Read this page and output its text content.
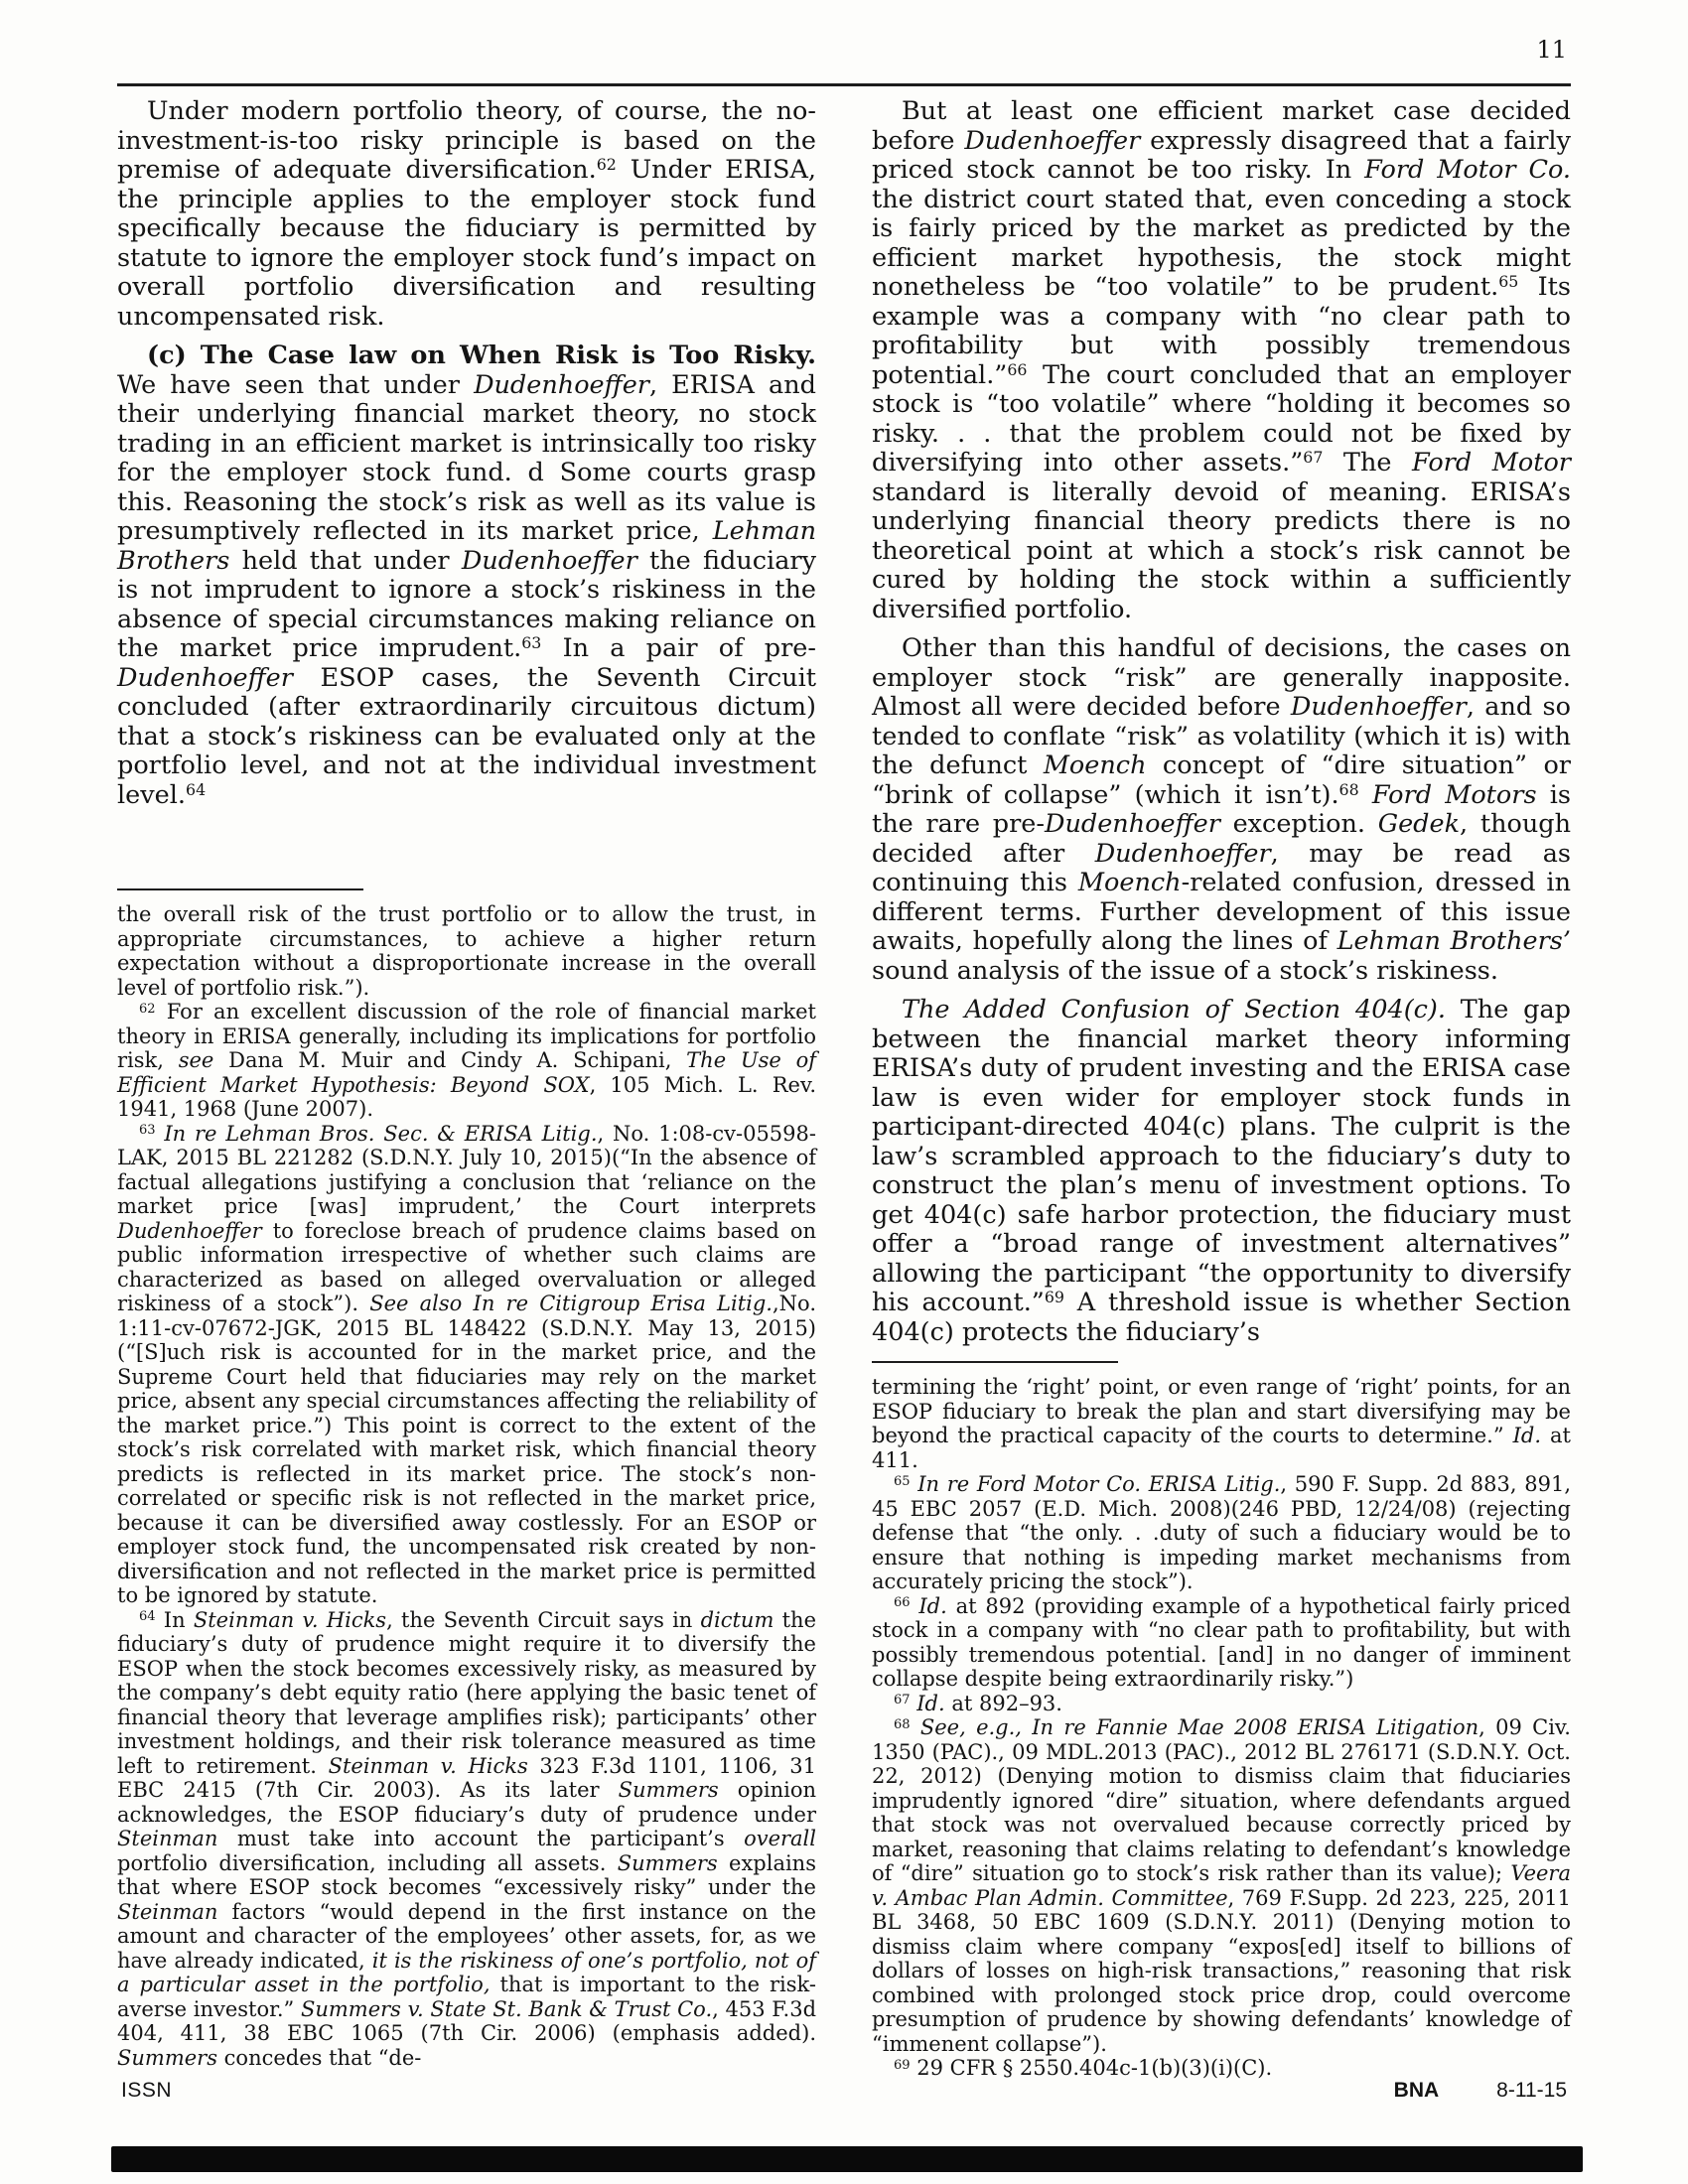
11

Under modern portfolio theory, of course, the no-investment-is-too risky principle is based on the premise of adequate diversification.$^{62}$ Under ERISA, the principle applies to the employer stock fund specifically because the fiduciary is permitted by statute to ignore the employer stock fund’s impact on overall portfolio diversification and resulting uncompensated risk.

(c) The Case law on When Risk is Too Risky. We have seen that under Dudenhoeffer, ERISA and their underlying financial market theory, no stock trading in an efficient market is intrinsically too risky for the employer stock fund. d Some courts grasp this. Reasoning the stock’s risk as well as its value is presumptively reflected in its market price, Lehman Brothers held that under Dudenhoeffer the fiduciary is not imprudent to ignore a stock’s riskiness in the absence of special circumstances making reliance on the market price imprudent.$^{63}$ In a pair of pre-Dudenhoeffer ESOP cases, the Seventh Circuit concluded (after extraordinarily circuitous dictum) that a stock’s riskiness can be evaluated only at the portfolio level, and not at the individual investment level.$^{64}$

the overall risk of the trust portfolio or to allow the trust, in appropriate circumstances, to achieve a higher return expectation without a disproportionate increase in the overall level of portfolio risk.”).

$^{62}$ For an excellent discussion of the role of financial market theory in ERISA generally, including its implications for portfolio risk, see Dana M. Muir and Cindy A. Schipani, The Use of Efficient Market Hypothesis: Beyond SOX, 105 Mich. L. Rev. 1941, 1968 (June 2007).

$^{63}$ In re Lehman Bros. Sec. & ERISA Litig., No. 1:08-cv-05598-LAK, 2015 BL 221282 (S.D.N.Y. July 10, 2015)(“In the absence of factual allegations justifying a conclusion that ‘reliance on the market price [was] imprudent,’ the Court interprets Dudenhoeffer to foreclose breach of prudence claims based on public information irrespective of whether such claims are characterized as based on alleged overvaluation or alleged riskiness of a stock”). See also In re Citigroup Erisa Litig.,No. 1:11-cv-07672-JGK, 2015 BL 148422 (S.D.N.Y. May 13, 2015)(“[S]uch risk is accounted for in the market price, and the Supreme Court held that fiduciaries may rely on the market price, absent any special circumstances affecting the reliability of the market price.”) This point is correct to the extent of the stock’s risk correlated with market risk, which financial theory predicts is reflected in its market price. The stock’s non-correlated or specific risk is not reflected in the market price, because it can be diversified away costlessly. For an ESOP or employer stock fund, the uncompensated risk created by non-diversification and not reflected in the market price is permitted to be ignored by statute.

$^{64}$ In Steinman v. Hicks, the Seventh Circuit says in dictum the fiduciary’s duty of prudence might require it to diversify the ESOP when the stock becomes excessively risky, as measured by the company’s debt equity ratio (here applying the basic tenet of financial theory that leverage amplifies risk); participants’ other investment holdings, and their risk tolerance measured as time left to retirement. Steinman v. Hicks 323 F.3d 1101, 1106, 31 EBC 2415 (7th Cir. 2003). As its later Summers opinion acknowledges, the ESOP fiduciary’s duty of prudence under Steinman must take into account the participant’s overall portfolio diversification, including all assets. Summers explains that where ESOP stock becomes “excessively risky” under the Steinman factors “would depend in the first instance on the amount and character of the employees’ other assets, for, as we have already indicated, it is the riskiness of one’s portfolio, not of a particular asset in the portfolio, that is important to the risk-averse investor.” Summers v. State St. Bank & Trust Co., 453 F.3d 404, 411, 38 EBC 1065 (7th Cir. 2006) (emphasis added). Summers concedes that “de-

But at least one efficient market case decided before Dudenhoeffer expressly disagreed that a fairly priced stock cannot be too risky. In Ford Motor Co. the district court stated that, even conceding a stock is fairly priced by the market as predicted by the efficient market hypothesis, the stock might nonetheless be “too volatile” to be prudent.$^{65}$ Its example was a company with “no clear path to profitability but with possibly tremendous potential.”$^{66}$ The court concluded that an employer stock is “too volatile” where “holding it becomes so risky. . . that the problem could not be fixed by diversifying into other assets.”$^{67}$ The Ford Motor standard is literally devoid of meaning. ERISA’s underlying financial theory predicts there is no theoretical point at which a stock’s risk cannot be cured by holding the stock within a sufficiently diversified portfolio.

Other than this handful of decisions, the cases on employer stock “risk” are generally inapposite. Almost all were decided before Dudenhoeffer, and so tended to conflate “risk” as volatility (which it is) with the defunct Moench concept of “dire situation” or “brink of collapse” (which it isn’t).$^{68}$ Ford Motors is the rare pre-Dudenhoeffer exception. Gedek, though decided after Dudenhoeffer, may be read as continuing this Moench-related confusion, dressed in different terms. Further development of this issue awaits, hopefully along the lines of Lehman Brothers’ sound analysis of the issue of a stock’s riskiness.

The Added Confusion of Section 404(c). The gap between the financial market theory informing ERISA’s duty of prudent investing and the ERISA case law is even wider for employer stock funds in participant-directed 404(c) plans. The culprit is the law’s scrambled approach to the fiduciary’s duty to construct the plan’s menu of investment options. To get 404(c) safe harbor protection, the fiduciary must offer a “broad range of investment alternatives” allowing the participant “the opportunity to diversify his account.”$^{69}$ A threshold issue is whether Section 404(c) protects the fiduciary’s

termining the ‘right’ point, or even range of ‘right’ points, for an ESOP fiduciary to break the plan and start diversifying may be beyond the practical capacity of the courts to determine.” Id. at 411.

$^{65}$ In re Ford Motor Co. ERISA Litig., 590 F. Supp. 2d 883, 891, 45 EBC 2057 (E.D. Mich. 2008)(246 PBD, 12/24/08) (rejecting defense that “the only. . .duty of such a fiduciary would be to ensure that nothing is impeding market mechanisms from accurately pricing the stock”).

$^{66}$ Id. at 892 (providing example of a hypothetical fairly priced stock in a company with “no clear path to profitability, but with possibly tremendous potential. [and] in no danger of imminent collapse despite being extraordinarily risky.”)

$^{67}$ Id. at 892–93.

$^{68}$ See, e.g., In re Fannie Mae 2008 ERISA Litigation, 09 Civ. 1350 (PAC)., 09 MDL.2013 (PAC)., 2012 BL 276171 (S.D.N.Y. Oct. 22, 2012) (Denying motion to dismiss claim that fiduciaries imprudently ignored “dire” situation, where defendants argued that stock was not overvalued because correctly priced by market, reasoning that claims relating to defendant’s knowledge of “dire” situation go to stock’s risk rather than its value); Veera v. Ambac Plan Admin. Committee, 769 F.Supp. 2d 223, 225, 2011 BL 3468, 50 EBC 1609 (S.D.N.Y. 2011) (Denying motion to dismiss claim where company “expos[ed] itself to billions of dollars of losses on high-risk transactions,” reasoning that risk combined with prolonged stock price drop, could overcome presumption of prudence by showing defendants’ knowledge of “immenent collapse”).

$^{69}$ 29 CFR § 2550.404c-1(b)(3)(i)(C).

ISSN	BNA	8-11-15
